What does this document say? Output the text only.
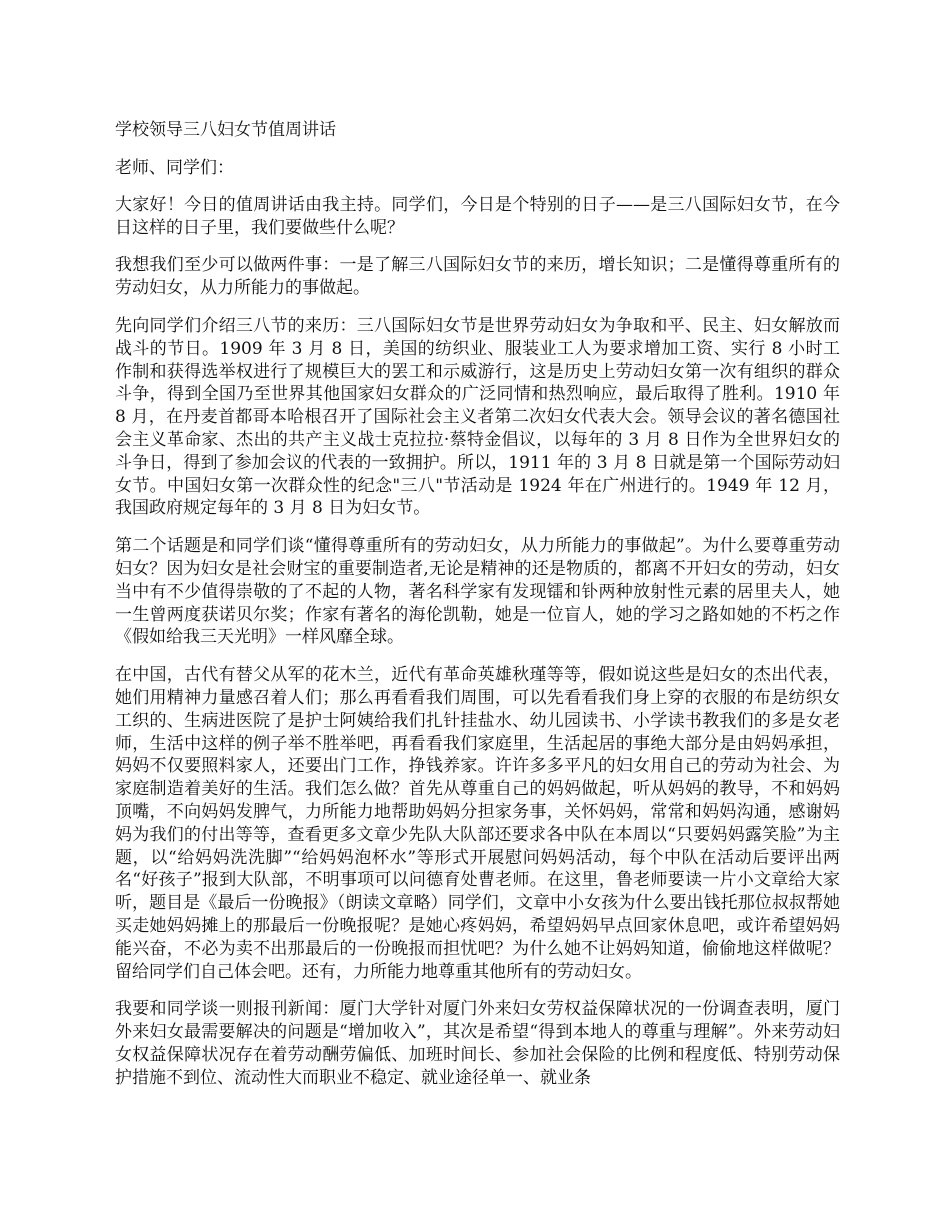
学校领导三八妇女节值周讲话

老师、同学们：

大家好！今日的值周讲话由我主持。同学们，今日是个特别的日子——是三八国际妇女节，在今日这样的日子里，我们要做些什么呢？

我想我们至少可以做两件事：一是了解三八国际妇女节的来历，增长知识；二是懂得尊重所有的劳动妇女，从力所能力的事做起。

先向同学们介绍三八节的来历：三八国际妇女节是世界劳动妇女为争取和平、民主、妇女解放而战斗的节日。1909 年 3 月 8 日，美国的纺织业、服装业工人为要求增加工资、实行 8 小时工作制和获得选举权进行了规模巨大的罢工和示威游行，这是历史上劳动妇女第一次有组织的群众斗争，得到全国乃至世界其他国家妇女群众的广泛同情和热烈响应，最后取得了胜利。1910 年 8 月，在丹麦首都哥本哈根召开了国际社会主义者第二次妇女代表大会。领导会议的著名德国社会主义革命家、杰出的共产主义战士克拉拉·蔡特金倡议，以每年的 3 月 8 日作为全世界妇女的斗争日，得到了参加会议的代表的一致拥护。所以，1911 年的 3 月 8 日就是第一个国际劳动妇女节。中国妇女第一次群众性的纪念"三八"节活动是 1924 年在广州进行的。1949 年 12 月，我国政府规定每年的 3 月 8 日为妇女节。

第二个话题是和同学们谈“懂得尊重所有的劳动妇女，从力所能力的事做起”。为什么要尊重劳动妇女？因为妇女是社会财宝的重要制造者,无论是精神的还是物质的，都离不开妇女的劳动，妇女当中有不少值得崇敬的了不起的人物，著名科学家有发现镭和钋两种放射性元素的居里夫人，她一生曾两度获诺贝尔奖；作家有著名的海伦凯勒，她是一位盲人，她的学习之路如她的不朽之作《假如给我三天光明》一样风靡全球。

在中国，古代有替父从军的花木兰，近代有革命英雄秋瑾等等，假如说这些是妇女的杰出代表，她们用精神力量感召着人们；那么再看看我们周围，可以先看看我们身上穿的衣服的布是纺织女工织的、生病进医院了是护士阿姨给我们扎针挂盐水、幼儿园读书、小学读书教我们的多是女老师，生活中这样的例子举不胜举吧，再看看我们家庭里，生活起居的事绝大部分是由妈妈承担，妈妈不仅要照料家人，还要出门工作，挣钱养家。许许多多平凡的妇女用自己的劳动为社会、为家庭制造着美好的生活。我们怎么做？首先从尊重自己的妈妈做起，听从妈妈的教导，不和妈妈顶嘴，不向妈妈发脾气，力所能力地帮助妈妈分担家务事，关怀妈妈，常常和妈妈沟通，感谢妈妈为我们的付出等等，查看更多文章少先队大队部还要求各中队在本周以“只要妈妈露笑脸”为主题，以“给妈妈洗洗脚”“给妈妈泡杯水”等形式开展慰问妈妈活动，每个中队在活动后要评出两名“好孩子”报到大队部，不明事项可以问德育处曹老师。在这里，鲁老师要读一片小文章给大家听，题目是《最后一份晚报》（朗读文章略）同学们，文章中小女孩为什么要出钱托那位叔叔帮她买走她妈妈摊上的那最后一份晚报呢？是她心疼妈妈，希望妈妈早点回家休息吧，或许希望妈妈能兴奋，不必为卖不出那最后的一份晚报而担忧吧？为什么她不让妈妈知道，偷偷地这样做呢？留给同学们自己体会吧。还有，力所能力地尊重其他所有的劳动妇女。

我要和同学谈一则报刊新闻：厦门大学针对厦门外来妇女劳权益保障状况的一份调查表明，厦门外来妇女最需要解决的问题是“增加收入”，其次是希望“得到本地人的尊重与理解”。外来劳动妇女权益保障状况存在着劳动酬劳偏低、加班时间长、参加社会保险的比例和程度低、特别劳动保护措施不到位、流动性大而职业不稳定、就业途径单一、就业条
